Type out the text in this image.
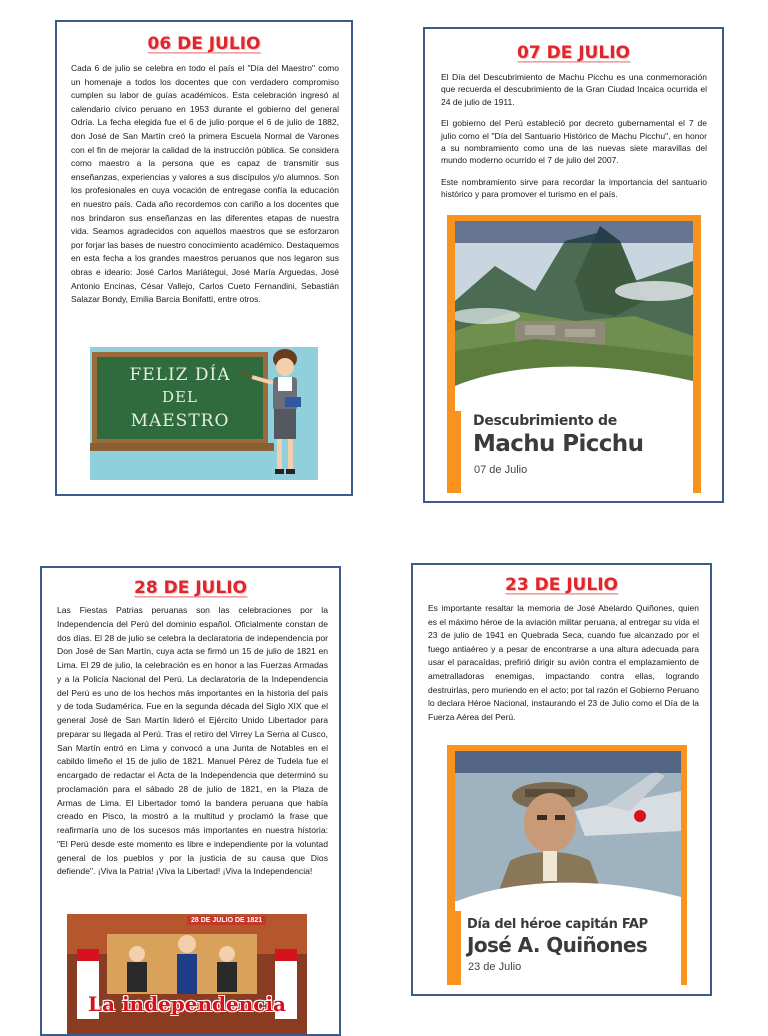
06 DE JULIO

Cada 6 de julio se celebra en todo el país el "Día del Maestro" como un homenaje a todos los docentes que con verdadero compromiso cumplen su labor de guías académicos. Esta celebración ingresó al calendario cívico peruano en 1953 durante el gobierno del general Odría. La fecha elegida fue el 6 de julio porque el 6 de julio de 1882, don José de San Martín creó la primera Escuela Normal de Varones con el fin de mejorar la calidad de la instrucción pública. Se considera como maestro a la persona que es capaz de transmitir sus enseñanzas, experiencias y valores a sus discípulos y/o alumnos. Son los profesionales en cuya vocación de entregase confía la educación en nuestro país. Cada año recordemos con cariño a los docentes que nos brindaron sus enseñanzas en las diferentes etapas de nuestra vida. Seamos agradecidos con aquellos maestros que se esforzaron por forjar las bases de nuestro conocimiento académico. Destaquemos en esta fecha a los grandes maestros peruanos que nos legaron sus obras e ideario: José Carlos Mariátegui, José María Arguedas, José Antonio Encinas, César Vallejo, Carlos Cueto Fernandini, Sebastián Salazar Bondy, Emilia Barcia Bonifatti, entre otros.

FELIZ DÍA
DEL
MAESTRO
07 DE JULIO

El Día del Descubrimiento de Machu Picchu es una conmemoración que recuerda el descubrimiento de la Gran Ciudad Incaica ocurrida el 24 de julio de 1911.

El gobierno del Perú estableció por decreto gubernamental el 7 de julio como el "Día del Santuario Histórico de Machu Picchu", en honor a su nombramiento como una de las nuevas siete maravillas del mundo moderno ocurrido el 7 de julio del 2007.

Este nombramiento sirve para recordar la importancia del santuario histórico y para promover el turismo en el país.

Descubrimiento de
Machu Picchu
07 de Julio
28 DE JULIO

Las Fiestas Patrias peruanas son las celebraciones por la Independencia del Perú del dominio español. Oficialmente constan de dos días. El 28 de julio se celebra la declaratoria de independencia por Don José de San Martín, cuya acta se firmó un 15 de julio de 1821 en Lima. El 29 de julio, la celebración es en honor a las Fuerzas Armadas y a la Policía Nacional del Perú. La declaratoria de la Independencia del Perú es uno de los hechos más importantes en la historia del país y de toda Sudamérica. Fue en la segunda década del Siglo XIX que el general José de San Martín lideró el Ejército Unido Libertador para preparar su llegada al Perú. Tras el retiro del Virrey La Serna al Cusco, San Martín entró en Lima y convocó a una Junta de Notables en el cabildo limeño el 15 de julio de 1821. Manuel Pérez de Tudela fue el encargado de redactar el Acta de la Independencia que determinó su proclamación para el sábado 28 de julio de 1821, en la Plaza de Armas de Lima. El Libertador tomó la bandera peruana que había creado en Pisco, la mostró a la multitud y proclamó la frase que reafirmaría uno de los sucesos más importantes en nuestra historia: "El Perú desde este momento es libre e independiente por la voluntad general de los pueblos y por la justicia de su causa que Dios defiende". ¡Viva la Patria! ¡Viva la Libertad! ¡Viva la Independencia!

28 DE JULIO DE 1821
La independencia
23 DE JULIO

Es importante resaltar la memoria de José Abelardo Quiñones, quien es el máximo héroe de la aviación militar peruana, al entregar su vida el 23 de julio de 1941 en Quebrada Seca, cuando fue alcanzado por el fuego antiaéreo y a pesar de encontrarse a una altura adecuada para usar el paracaídas, prefirió dirigir su avión contra el emplazamiento de ametralladoras enemigas, impactando contra ellas, logrando destruirlas, pero muriendo en el acto; por tal razón el Gobierno Peruano lo declara Héroe Nacional, instaurando el 23 de Julio como el Día de la Fuerza Aérea del Perú.

Día del héroe capitán FAP
José A. Quiñones
23 de Julio
